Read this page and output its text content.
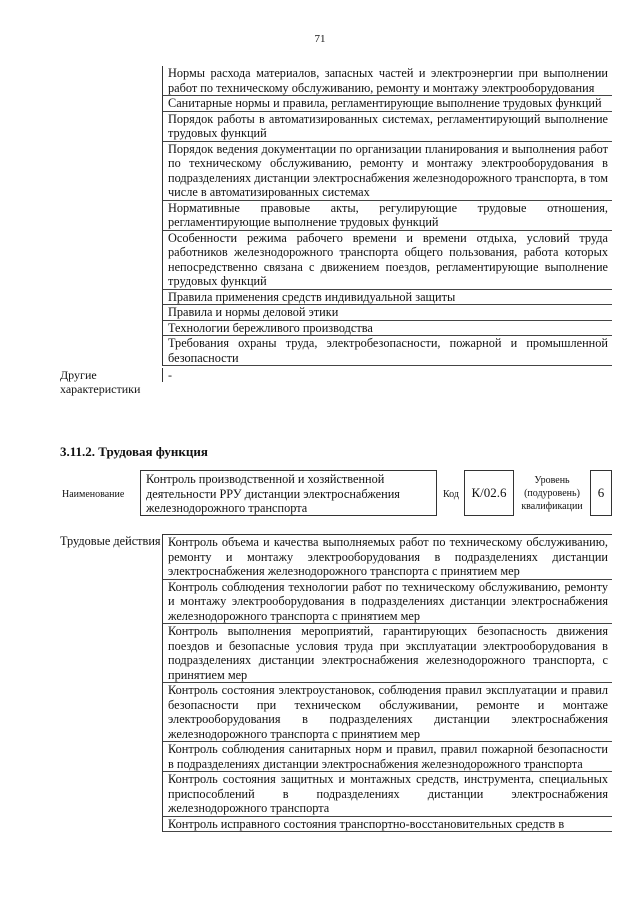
71
Нормы расхода материалов, запасных частей и электроэнергии при выполнении работ по техническому обслуживанию, ремонту и монтажу электрооборудования
Санитарные нормы и правила, регламентирующие выполнение трудовых функций
Порядок работы в автоматизированных системах, регламентирующий выполнение трудовых функций
Порядок ведения документации по организации планирования и выполнения работ по техническому обслуживанию, ремонту и монтажу электрооборудования в подразделениях дистанции электроснабжения железнодорожного транспорта, в том числе в автоматизированных системах
Нормативные правовые акты, регулирующие трудовые отношения, регламентирующие выполнение трудовых функций
Особенности режима рабочего времени и времени отдыха, условий труда работников железнодорожного транспорта общего пользования, работа которых непосредственно связана с движением поездов, регламентирующие выполнение трудовых функций
Правила применения средств индивидуальной защиты
Правила и нормы деловой этики
Технологии бережливого производства
Требования охраны труда, электробезопасности, пожарной и промышленной безопасности
Другие характеристики
-
3.11.2. Трудовая функция
Наименование
Контроль производственной и хозяйственной деятельности РРУ дистанции электроснабжения железнодорожного транспорта
Код К/02.6
Уровень (подуровень) квалификации
6
Трудовые действия Контроль объема и качества выполняемых работ по техническому обслуживанию, ремонту и монтажу электрооборудования в подразделениях дистанции электроснабжения железнодорожного транспорта с принятием мер
Контроль соблюдения технологии работ по техническому обслуживанию, ремонту и монтажу электрооборудования в подразделениях дистанции электроснабжения железнодорожного транспорта с принятием мер
Контроль выполнения мероприятий, гарантирующих безопасность движения поездов и безопасные условия труда при эксплуатации электрооборудования в подразделениях дистанции электроснабжения железнодорожного транспорта, с принятием мер
Контроль состояния электроустановок, соблюдения правил эксплуатации и правил безопасности при техническом обслуживании, ремонте и монтаже электрооборудования в подразделениях дистанции электроснабжения железнодорожного транспорта с принятием мер
Контроль соблюдения санитарных норм и правил, правил пожарной безопасности в подразделениях дистанции электроснабжения железнодорожного транспорта
Контроль состояния защитных и монтажных средств, инструмента, специальных приспособлений в подразделениях дистанции электроснабжения железнодорожного транспорта
Контроль исправного состояния транспортно-восстановительных средств в
